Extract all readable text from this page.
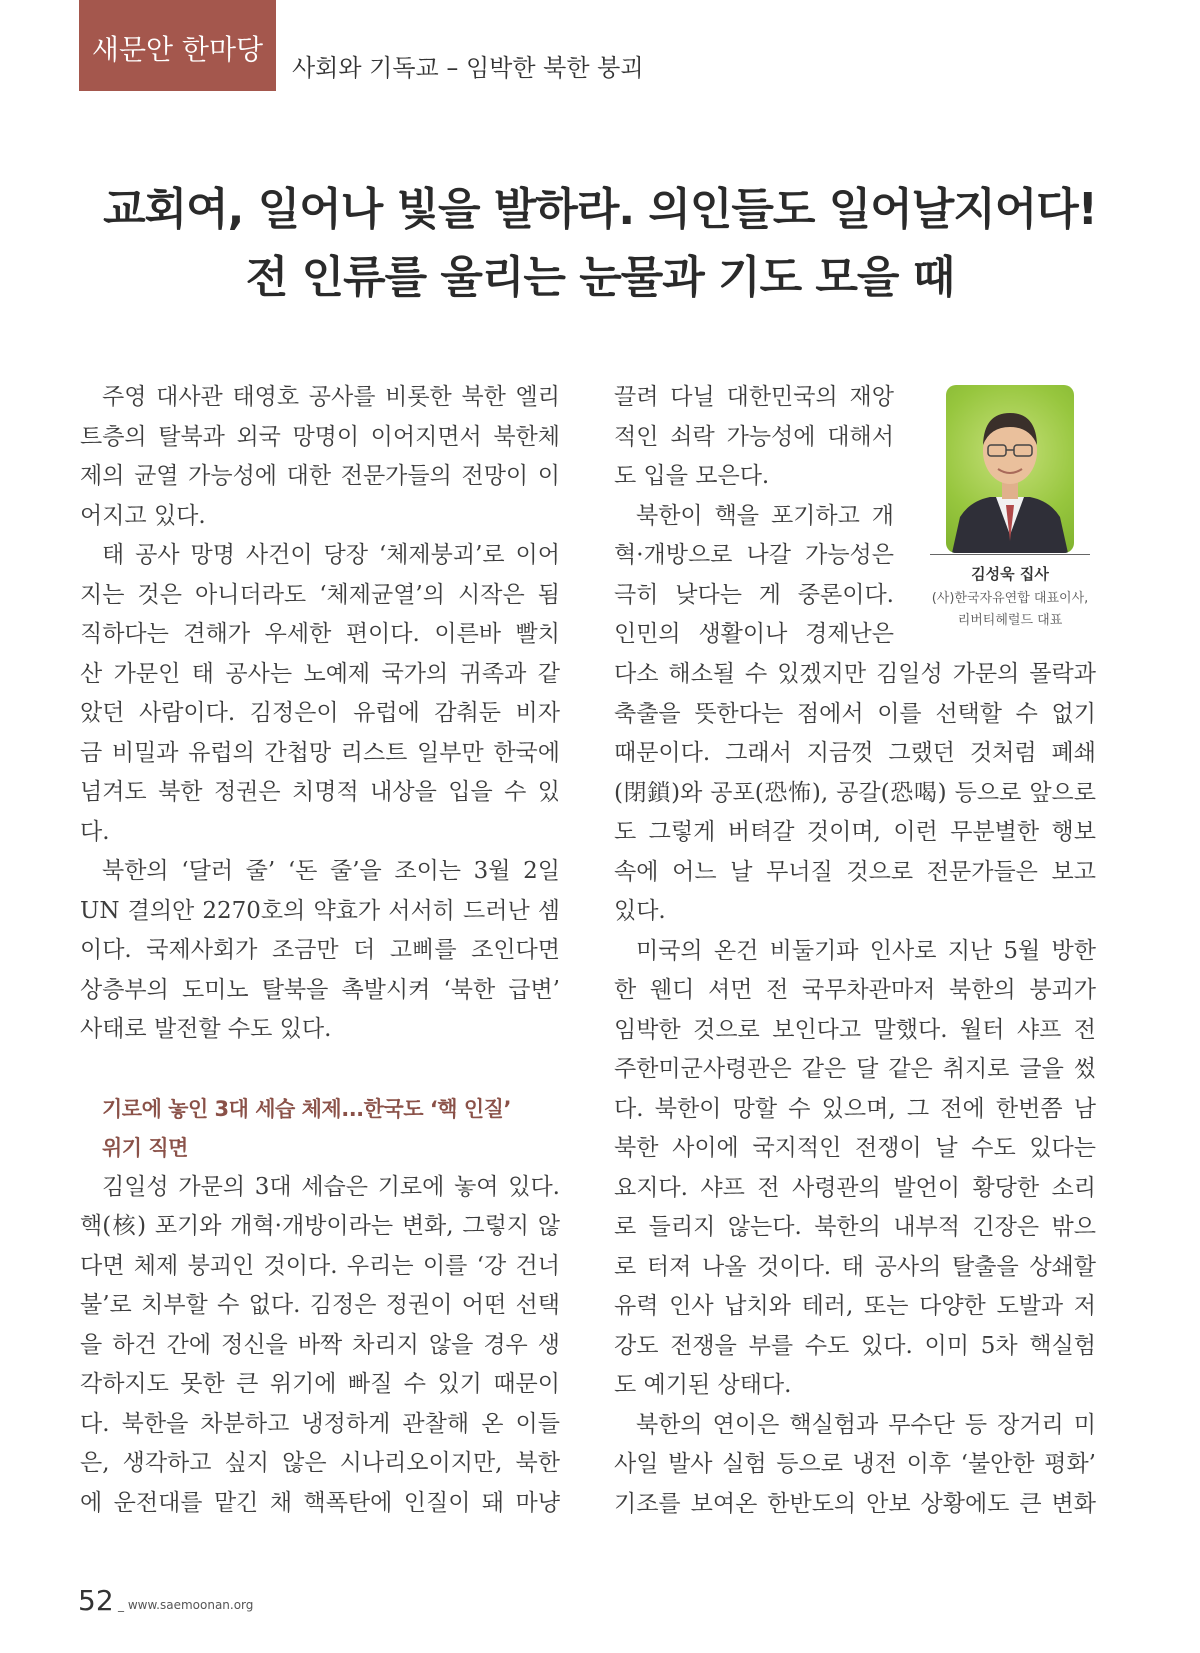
새문안 한마당
사회와 기독교 – 임박한 북한 붕괴
교회여, 일어나 빛을 발하라. 의인들도 일어날지어다!
전 인류를 울리는 눈물과 기도 모을 때

주영 대사관 태영호 공사를 비롯한 북한 엘리

트층의 탈북과 외국 망명이 이어지면서 북한체

제의 균열 가능성에 대한 전문가들의 전망이 이

어지고 있다.

태 공사 망명 사건이 당장 ‘체제붕괴’로 이어

지는 것은 아니더라도 ‘체제균열’의 시작은 됨

직하다는 견해가 우세한 편이다. 이른바 빨치

산 가문인 태 공사는 노예제 국가의 귀족과 같

았던 사람이다. 김정은이 유럽에 감춰둔 비자

금 비밀과 유럽의 간첩망 리스트 일부만 한국에

넘겨도 북한 정권은 치명적 내상을 입을 수 있

다.

북한의 ‘달러 줄’ ‘돈 줄’을 조이는 3월 2일

UN 결의안 2270호의 약효가 서서히 드러난 셈

이다. 국제사회가 조금만 더 고삐를 조인다면

상층부의 도미노 탈북을 촉발시켜 ‘북한 급변’

사태로 발전할 수도 있다.

기로에 놓인 3대 세습 체제...한국도 ‘핵 인질’
위기 직면

김일성 가문의 3대 세습은 기로에 놓여 있다.

핵(核) 포기와 개혁·개방이라는 변화, 그렇지 않

다면 체제 붕괴인 것이다. 우리는 이를 ‘강 건너

불’로 치부할 수 없다. 김정은 정권이 어떤 선택

을 하건 간에 정신을 바짝 차리지 않을 경우 생

각하지도 못한 큰 위기에 빠질 수 있기 때문이

다. 북한을 차분하고 냉정하게 관찰해 온 이들

은, 생각하고 싶지 않은 시나리오이지만, 북한

에 운전대를 맡긴 채 핵폭탄에 인질이 돼 마냥

끌려 다닐 대한민국의 재앙

적인 쇠락 가능성에 대해서

도 입을 모은다.

북한이 핵을 포기하고 개

혁·개방으로 나갈 가능성은

극히 낮다는 게 중론이다.

인민의 생활이나 경제난은

김성욱 집사
(사)한국자유연합 대표이사,
리버티헤럴드 대표

다소 해소될 수 있겠지만 김일성 가문의 몰락과

축출을 뜻한다는 점에서 이를 선택할 수 없기

때문이다. 그래서 지금껏 그랬던 것처럼 폐쇄

(閉鎖)와 공포(恐怖), 공갈(恐喝) 등으로 앞으로

도 그렇게 버텨갈 것이며, 이런 무분별한 행보

속에 어느 날 무너질 것으로 전문가들은 보고

있다.

미국의 온건 비둘기파 인사로 지난 5월 방한

한 웬디 셔먼 전 국무차관마저 북한의 붕괴가

임박한 것으로 보인다고 말했다. 월터 샤프 전

주한미군사령관은 같은 달 같은 취지로 글을 썼

다. 북한이 망할 수 있으며, 그 전에 한번쯤 남

북한 사이에 국지적인 전쟁이 날 수도 있다는

요지다. 샤프 전 사령관의 발언이 황당한 소리

로 들리지 않는다. 북한의 내부적 긴장은 밖으

로 터져 나올 것이다. 태 공사의 탈출을 상쇄할

유력 인사 납치와 테러, 또는 다양한 도발과 저

강도 전쟁을 부를 수도 있다. 이미 5차 핵실험

도 예기된 상태다.

북한의 연이은 핵실험과 무수단 등 장거리 미

사일 발사 실험 등으로 냉전 이후 ‘불안한 평화’

기조를 보여온 한반도의 안보 상황에도 큰 변화

52 _ www.saemoonan.org
